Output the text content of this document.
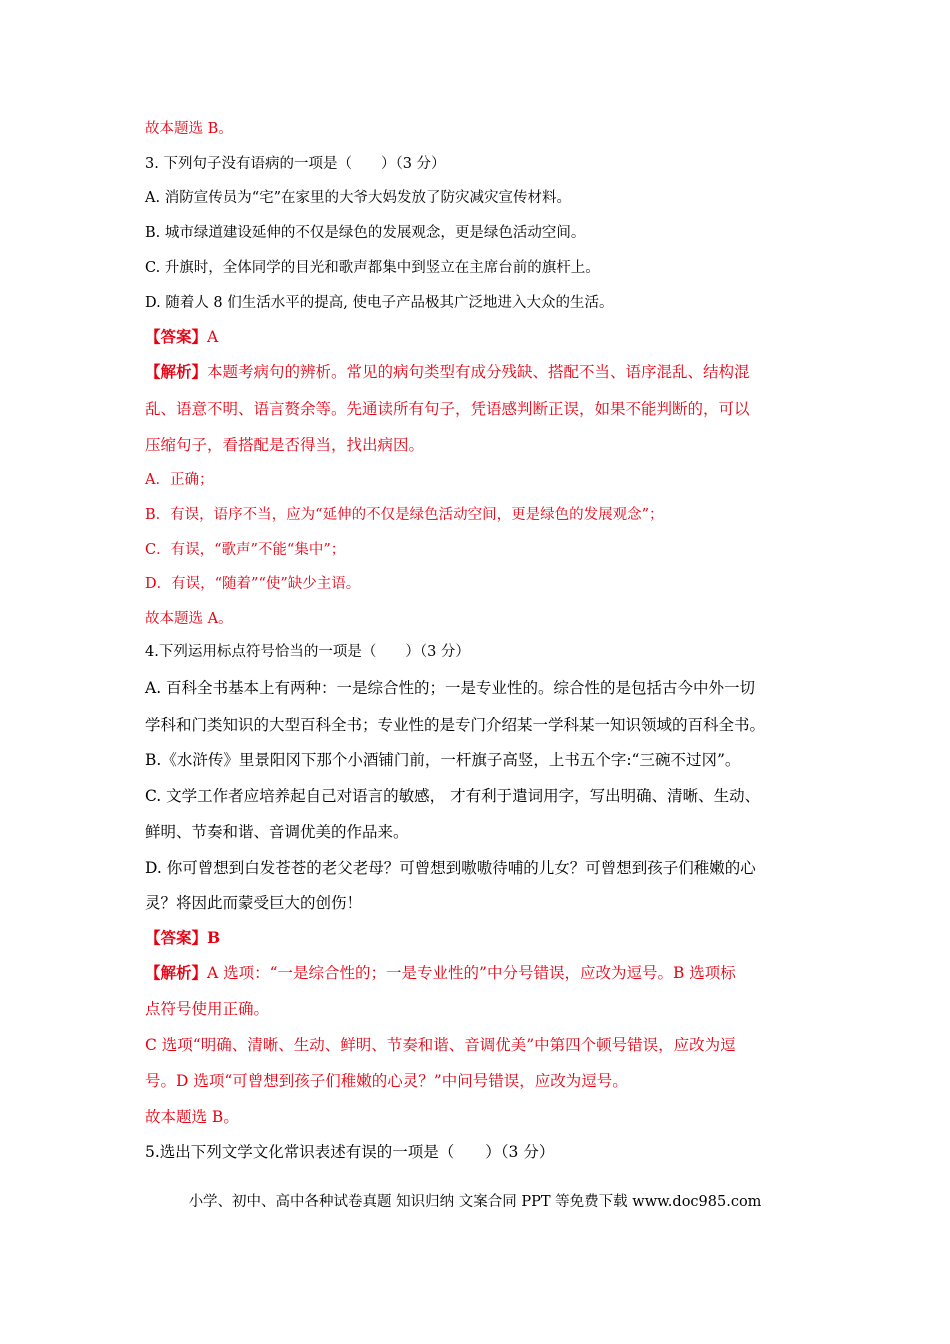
故本题选 B。
3. 下列句子没有语病的一项是（　　）（3 分）
A. 消防宣传员为“宅”在家里的大爷大妈发放了防灾减灾宣传材料。
B. 城市绿道建设延伸的不仅是绿色的发展观念，更是绿色活动空间。
C. 升旗时，全体同学的目光和歌声都集中到竖立在主席台前的旗杆上。
D. 随着人 8 们生活水平的提高, 使电子产品极其广泛地进入大众的生活。
【答案】A
【解析】本题考病句的辨析。常见的病句类型有成分残缺、搭配不当、语序混乱、结构混
乱、语意不明、语言赘余等。先通读所有句子，凭语感判断正误，如果不能判断的，可以
压缩句子，看搭配是否得当，找出病因。
A．正确；
B．有误，语序不当，应为“延伸的不仅是绿色活动空间，更是绿色的发展观念”；
C．有误，“歌声”不能“集中”；
D．有误，“随着”“使”缺少主语。
故本题选 A。
4.下列运用标点符号恰当的一项是（　　）（3 分）
A. 百科全书基本上有两种：一是综合性的；一是专业性的。综合性的是包括古今中外一切
学科和门类知识的大型百科全书；专业性的是专门介绍某一学科某一知识领域的百科全书。
B.《水浒传》里景阳冈下那个小酒铺门前，一杆旗子高竖，上书五个字:“三碗不过冈”。
C. 文学工作者应培养起自己对语言的敏感， 才有利于遣词用字，写出明确、清晰、生动、
鲜明、节奏和谐、音调优美的作品来。
D. 你可曾想到白发苍苍的老父老母？可曾想到嗷嗷待哺的儿女？可曾想到孩子们稚嫩的心
灵？将因此而蒙受巨大的创伤！
【答案】B
【解析】A 选项：“一是综合性的；一是专业性的”中分号错误，应改为逗号。B 选项标
点符号使用正确。
C 选项“明确、清晰、生动、鲜明、节奏和谐、音调优美”中第四个顿号错误，应改为逗
号。D 选项“可曾想到孩子们稚嫩的心灵？”中问号错误，应改为逗号。
故本题选 B。
5.选出下列文学文化常识表述有误的一项是（　　）（3 分）
小学、初中、高中各种试卷真题 知识归纳 文案合同 PPT 等免费下载 www.doc985.com
